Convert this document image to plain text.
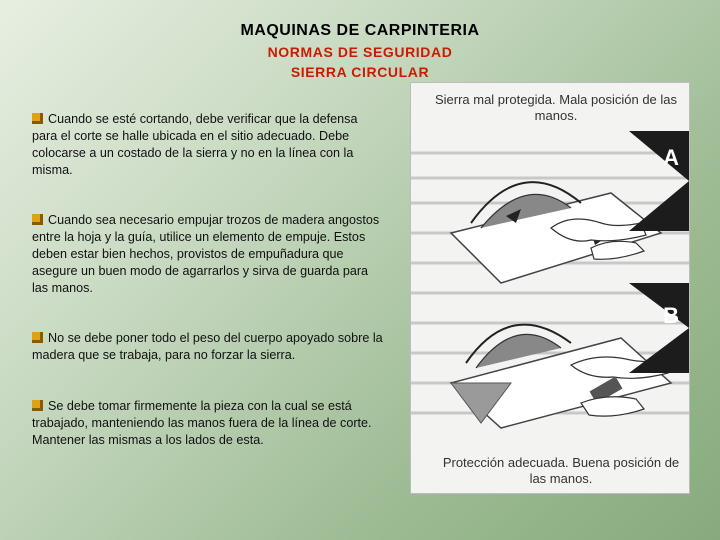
MAQUINAS DE CARPINTERIA
NORMAS DE SEGURIDAD
SIERRA CIRCULAR
Cuando se esté cortando, debe verificar que la defensa para el corte se halle ubicada en el sitio adecuado. Debe colocarse a un costado de la sierra y no en la línea con la misma.
Cuando sea necesario empujar trozos de madera angostos entre la hoja y la guía, utilice un elemento de empuje. Estos deben estar bien hechos, provistos de empuñadura que asegure un buen modo de agarrarlos y sirva de guarda para las manos.
No se debe poner todo el peso del cuerpo apoyado sobre la madera que se trabaja, para no forzar la sierra.
Se debe tomar firmemente la pieza con la cual se está trabajado, manteniendo las manos fuera de la línea de corte. Mantener las mismas a los lados de esta.
A
B
Sierra mal protegida. Mala posición de las manos.
Protección adecuada. Buena posición de las manos.
